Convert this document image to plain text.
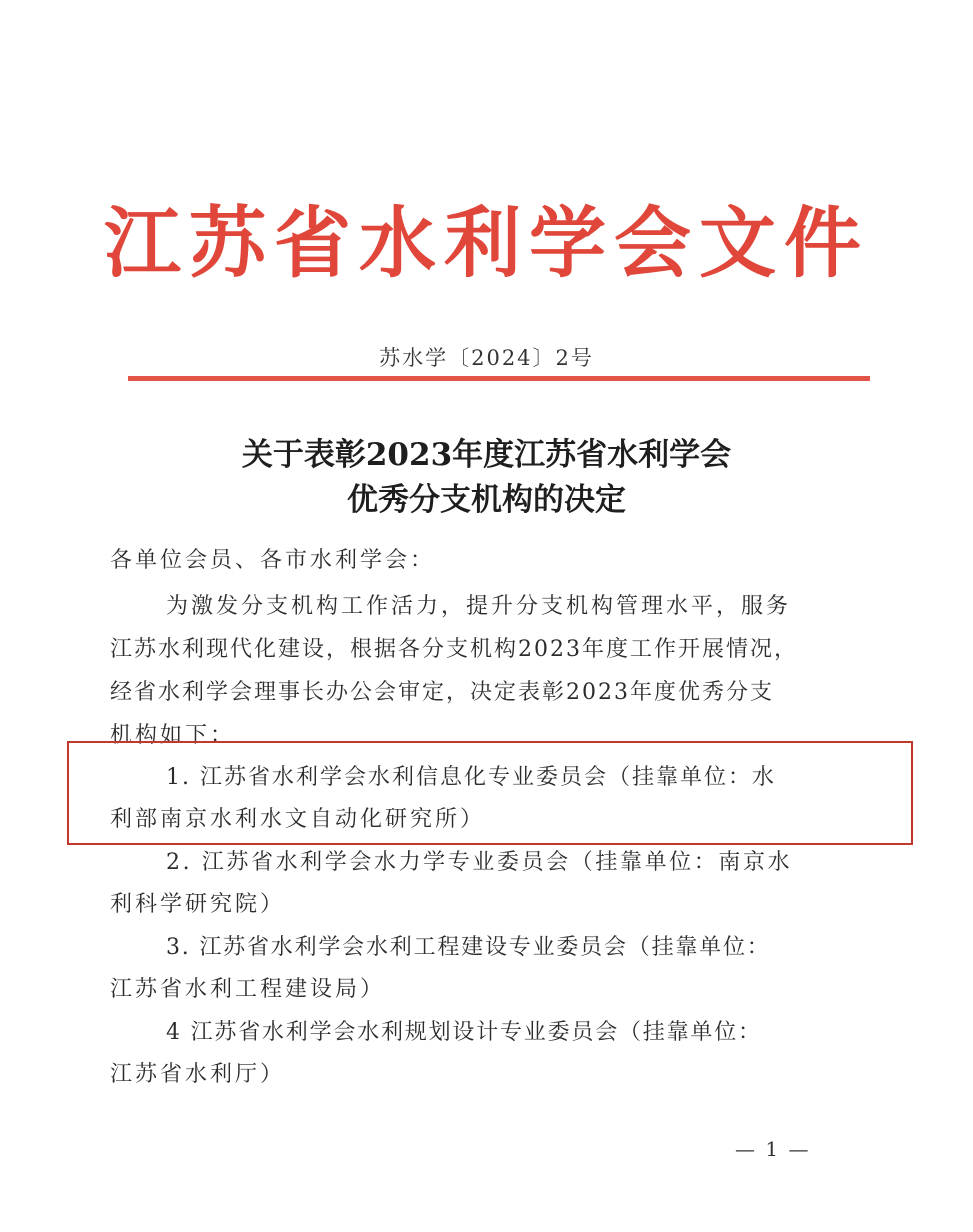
江苏省水利学会文件
苏水学〔2024〕2号
关于表彰2023年度江苏省水利学会
优秀分支机构的决定
各单位会员、各市水利学会：
为激发分支机构工作活力，提升分支机构管理水平，服务
江苏水利现代化建设，根据各分支机构2023年度工作开展情况，
经省水利学会理事长办公会审定，决定表彰2023年度优秀分支
机构如下：
1. 江苏省水利学会水利信息化专业委员会（挂靠单位：水
利部南京水利水文自动化研究所）
2. 江苏省水利学会水力学专业委员会（挂靠单位：南京水
利科学研究院）
3. 江苏省水利学会水利工程建设专业委员会（挂靠单位：
江苏省水利工程建设局）
4 江苏省水利学会水利规划设计专业委员会（挂靠单位：
江苏省水利厅）
— 1 —
